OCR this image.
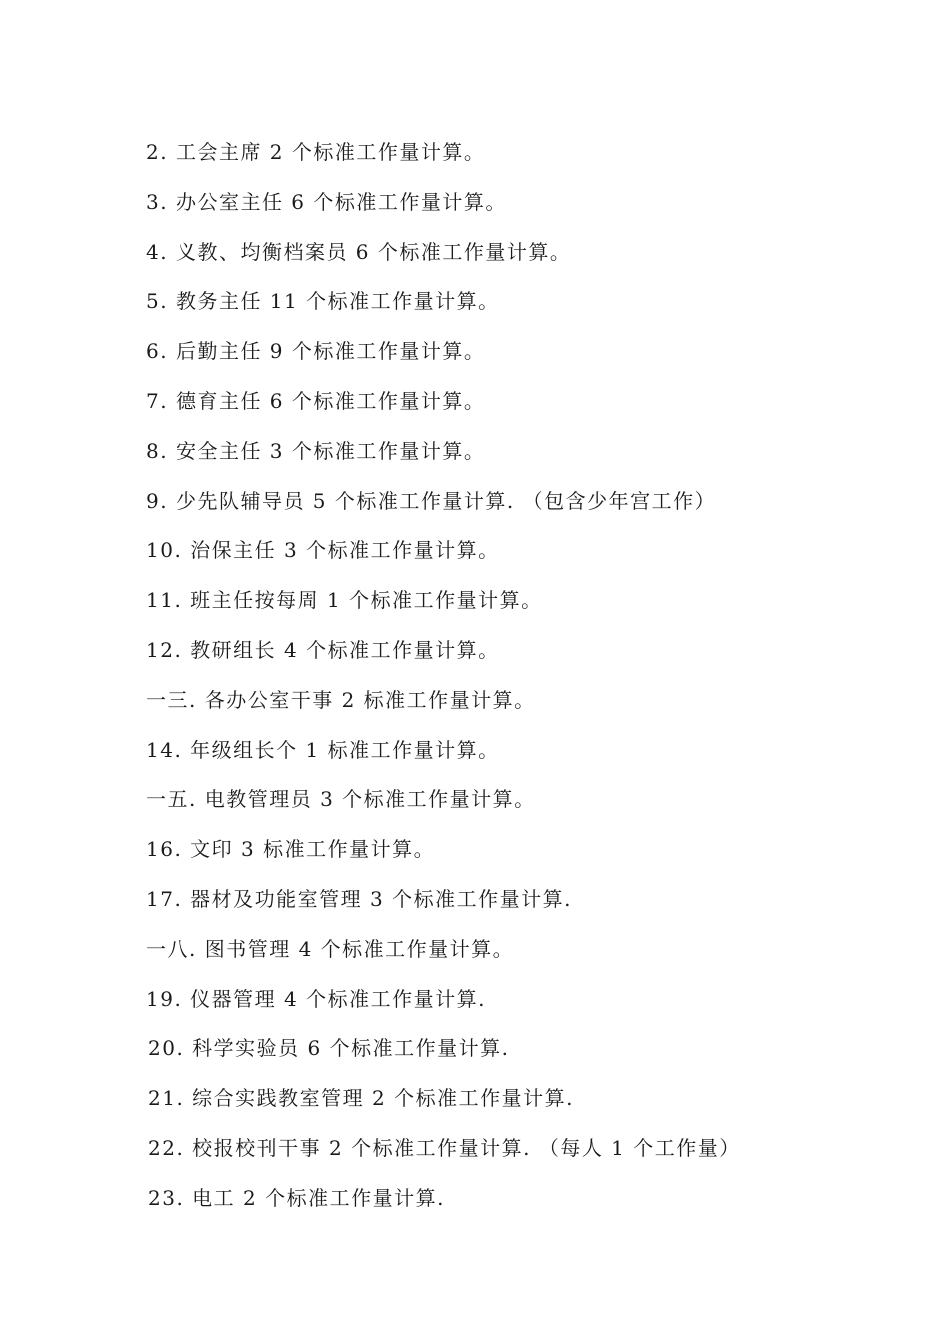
2. 工会主席 2 个标准工作量计算。
3. 办公室主任 6 个标准工作量计算。
4. 义教、均衡档案员 6 个标准工作量计算。
5. 教务主任 11 个标准工作量计算。
6. 后勤主任 9 个标准工作量计算。
7. 德育主任 6 个标准工作量计算。
8. 安全主任 3 个标准工作量计算。
9. 少先队辅导员 5 个标准工作量计算. （包含少年宫工作）
10. 治保主任 3 个标准工作量计算。
11. 班主任按每周 1 个标准工作量计算。
12. 教研组长 4 个标准工作量计算。
一三. 各办公室干事 2 标准工作量计算。
14. 年级组长个 1 标准工作量计算。
一五. 电教管理员 3 个标准工作量计算。
16. 文印 3 标准工作量计算。
17. 器材及功能室管理 3 个标准工作量计算.
一八. 图书管理 4 个标准工作量计算。
19. 仪器管理 4 个标准工作量计算.
20. 科学实验员 6 个标准工作量计算.
21. 综合实践教室管理 2 个标准工作量计算.
22. 校报校刊干事 2 个标准工作量计算. （每人 1 个工作量）
23. 电工 2 个标准工作量计算.
